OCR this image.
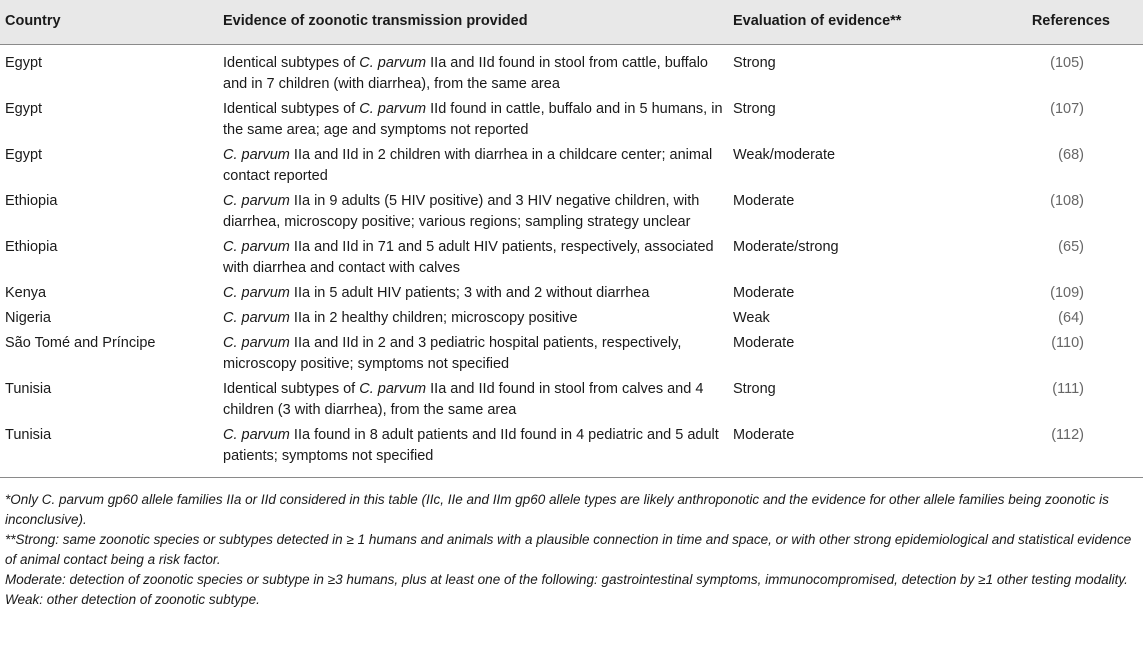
Country	Evidence of zoonotic transmission provided	Evaluation of evidence**	References
Egypt	Identical subtypes of C. parvum IIa and IId found in stool from cattle, buffalo and in 7 children (with diarrhea), from the same area	Strong	(105)
Egypt	Identical subtypes of C. parvum IId found in cattle, buffalo and in 5 humans, in the same area; age and symptoms not reported	Strong	(107)
Egypt	C. parvum IIa and IId in 2 children with diarrhea in a childcare center; animal contact reported	Weak/moderate	(68)
Ethiopia	C. parvum IIa in 9 adults (5 HIV positive) and 3 HIV negative children, with diarrhea, microscopy positive; various regions; sampling strategy unclear	Moderate	(108)
Ethiopia	C. parvum IIa and IId in 71 and 5 adult HIV patients, respectively, associated with diarrhea and contact with calves	Moderate/strong	(65)
Kenya	C. parvum IIa in 5 adult HIV patients; 3 with and 2 without diarrhea	Moderate	(109)
Nigeria	C. parvum IIa in 2 healthy children; microscopy positive	Weak	(64)
São Tomé and Príncipe	C. parvum IIa and IId in 2 and 3 pediatric hospital patients, respectively, microscopy positive; symptoms not specified	Moderate	(110)
Tunisia	Identical subtypes of C. parvum IIa and IId found in stool from calves and 4 children (3 with diarrhea), from the same area	Strong	(111)
Tunisia	C. parvum IIa found in 8 adult patients and IId found in 4 pediatric and 5 adult patients; symptoms not specified	Moderate	(112)

*Only C. parvum gp60 allele families IIa or IId considered in this table (IIc, IIe and IIm gp60 allele types are likely anthroponotic and the evidence for other allele families being zoonotic is inconclusive).

**Strong: same zoonotic species or subtypes detected in ≥ 1 humans and animals with a plausible connection in time and space, or with other strong epidemiological and statistical evidence of animal contact being a risk factor.

Moderate: detection of zoonotic species or subtype in ≥3 humans, plus at least one of the following: gastrointestinal symptoms, immunocompromised, detection by ≥1 other testing modality.

Weak: other detection of zoonotic subtype.
